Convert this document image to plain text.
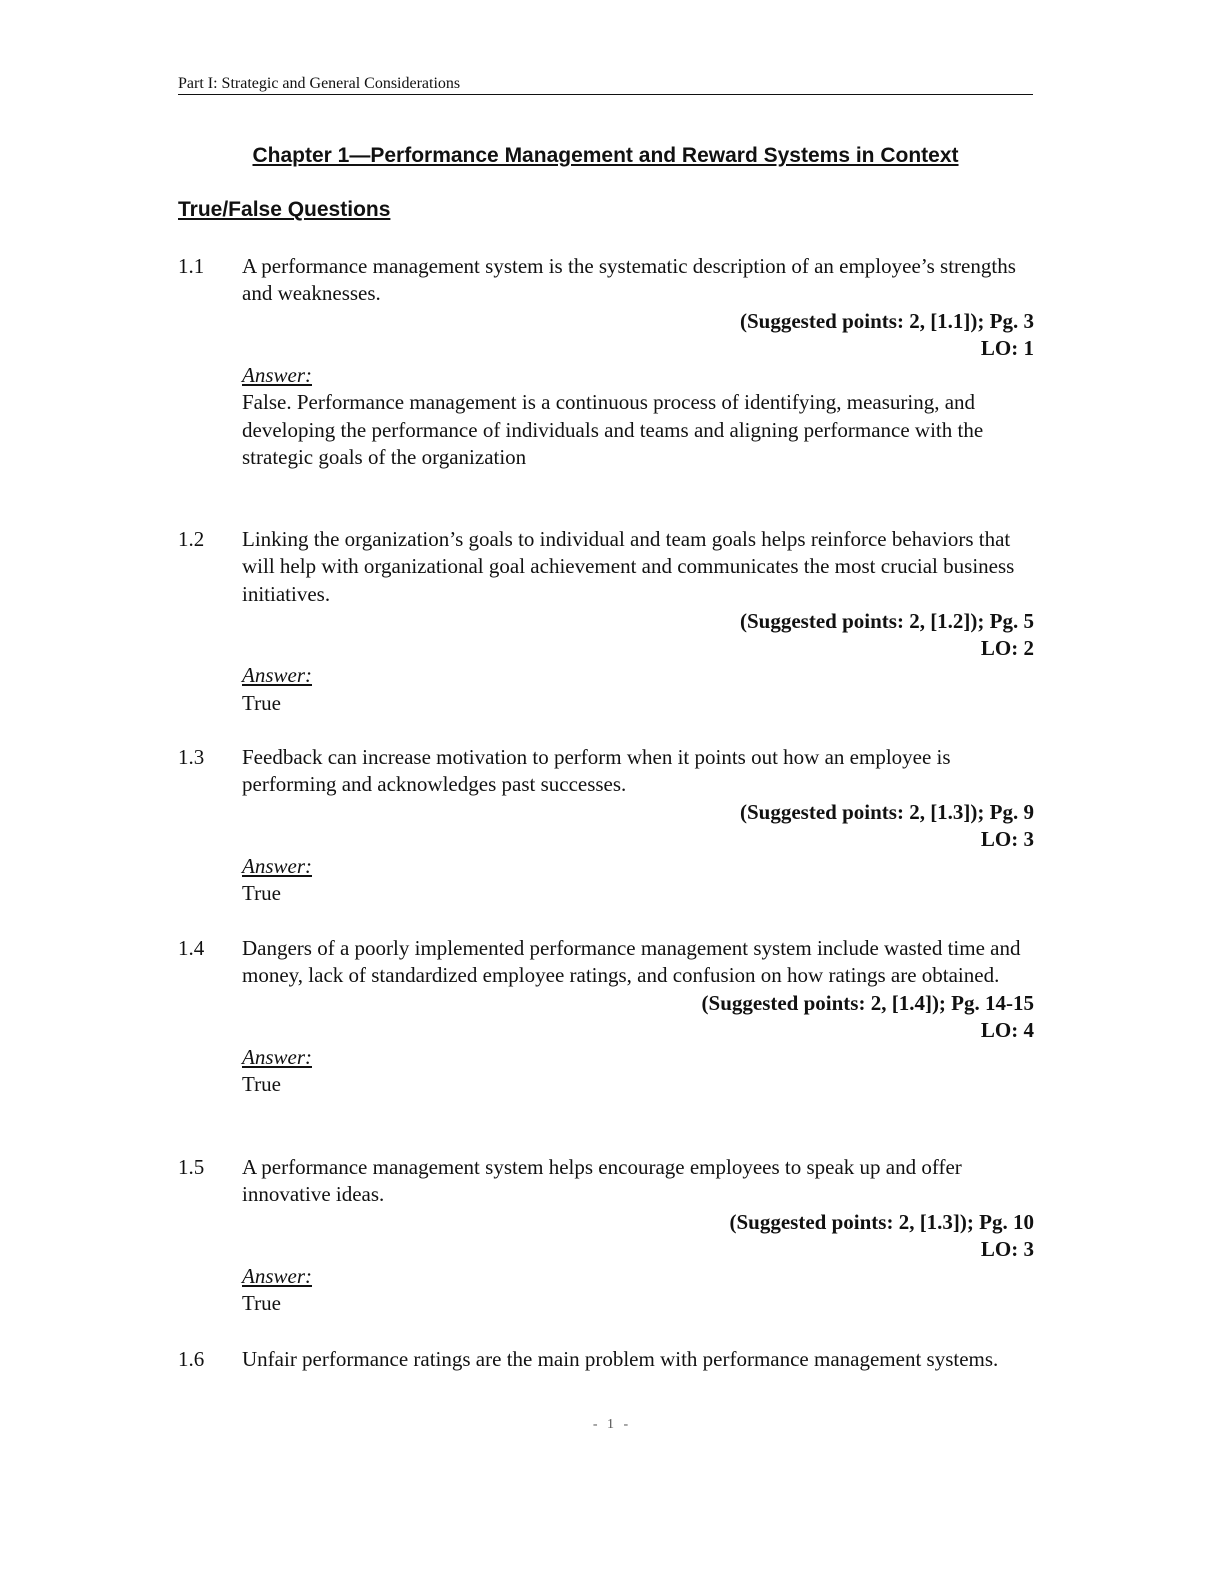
Part I: Strategic and General Considerations
Chapter 1—Performance Management and Reward Systems in Context
True/False Questions
1.1 A performance management system is the systematic description of an employee’s strengths and weaknesses.
(Suggested points: 2, [1.1]); Pg. 3
LO: 1
Answer:
False. Performance management is a continuous process of identifying, measuring, and developing the performance of individuals and teams and aligning performance with the strategic goals of the organization
1.2 Linking the organization’s goals to individual and team goals helps reinforce behaviors that will help with organizational goal achievement and communicates the most crucial business initiatives.
(Suggested points: 2, [1.2]); Pg. 5
LO: 2
Answer:
True
1.3 Feedback can increase motivation to perform when it points out how an employee is performing and acknowledges past successes.
(Suggested points: 2, [1.3]); Pg. 9
LO: 3
Answer:
True
1.4 Dangers of a poorly implemented performance management system include wasted time and money, lack of standardized employee ratings, and confusion on how ratings are obtained.
(Suggested points: 2, [1.4]); Pg. 14-15
LO: 4
Answer:
True
1.5 A performance management system helps encourage employees to speak up and offer innovative ideas.
(Suggested points: 2, [1.3]); Pg. 10
LO: 3
Answer:
True
1.6 Unfair performance ratings are the main problem with performance management systems.
- 1 -
